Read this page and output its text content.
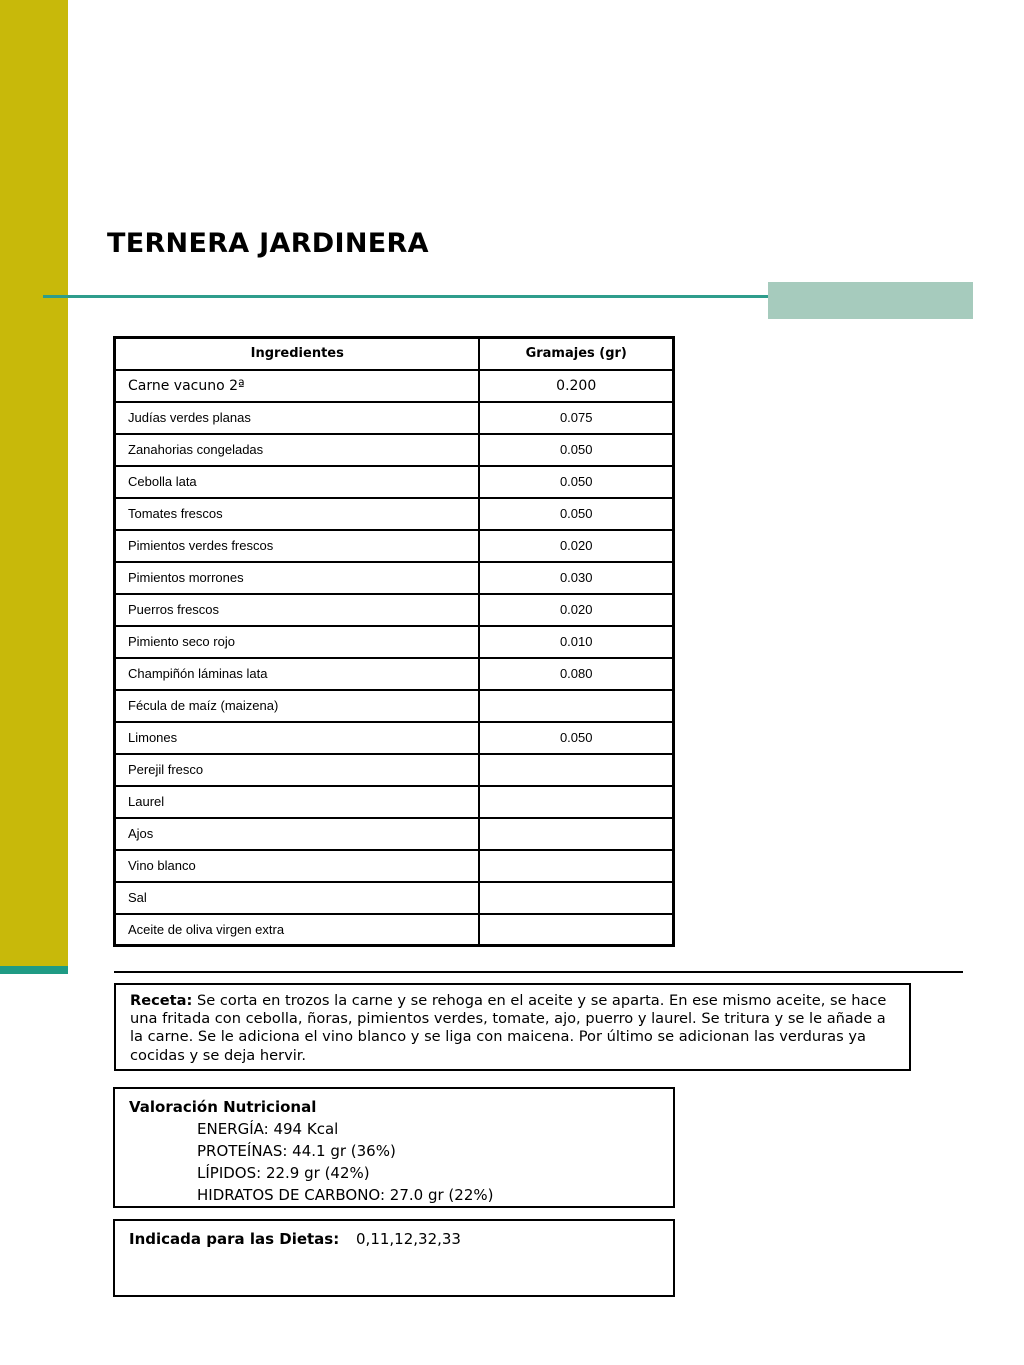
TERNERA JARDINERA
Ingredientes	Gramajes (gr)
Carne vacuno 2ª	0.200
Judías verdes planas	0.075
Zanahorias congeladas	0.050
Cebolla lata	0.050
Tomates frescos	0.050
Pimientos verdes frescos	0.020
Pimientos morrones	0.030
Puerros frescos	0.020
Pimiento seco rojo	0.010
Champiñón láminas lata	0.080
Fécula de maíz (maizena)	
Limones	0.050
Perejil fresco	
Laurel	
Ajos	
Vino blanco	
Sal	
Aceite de oliva virgen extra	
Receta: Se corta en trozos la carne y se rehoga en el aceite y se aparta. En ese mismo aceite, se hace una fritada con cebolla, ñoras, pimientos verdes, tomate, ajo, puerro y laurel. Se tritura y se le añade a la carne. Se le adiciona el vino blanco y se liga con maicena. Por último se adicionan las verduras ya cocidas y se deja hervir.
Valoración Nutricional
ENERGÍA: 494 Kcal
PROTEÍNAS: 44.1 gr (36%)
LÍPIDOS: 22.9 gr (42%)
HIDRATOS DE CARBONO: 27.0 gr (22%)
Indicada para las Dietas: 0,11,12,32,33
